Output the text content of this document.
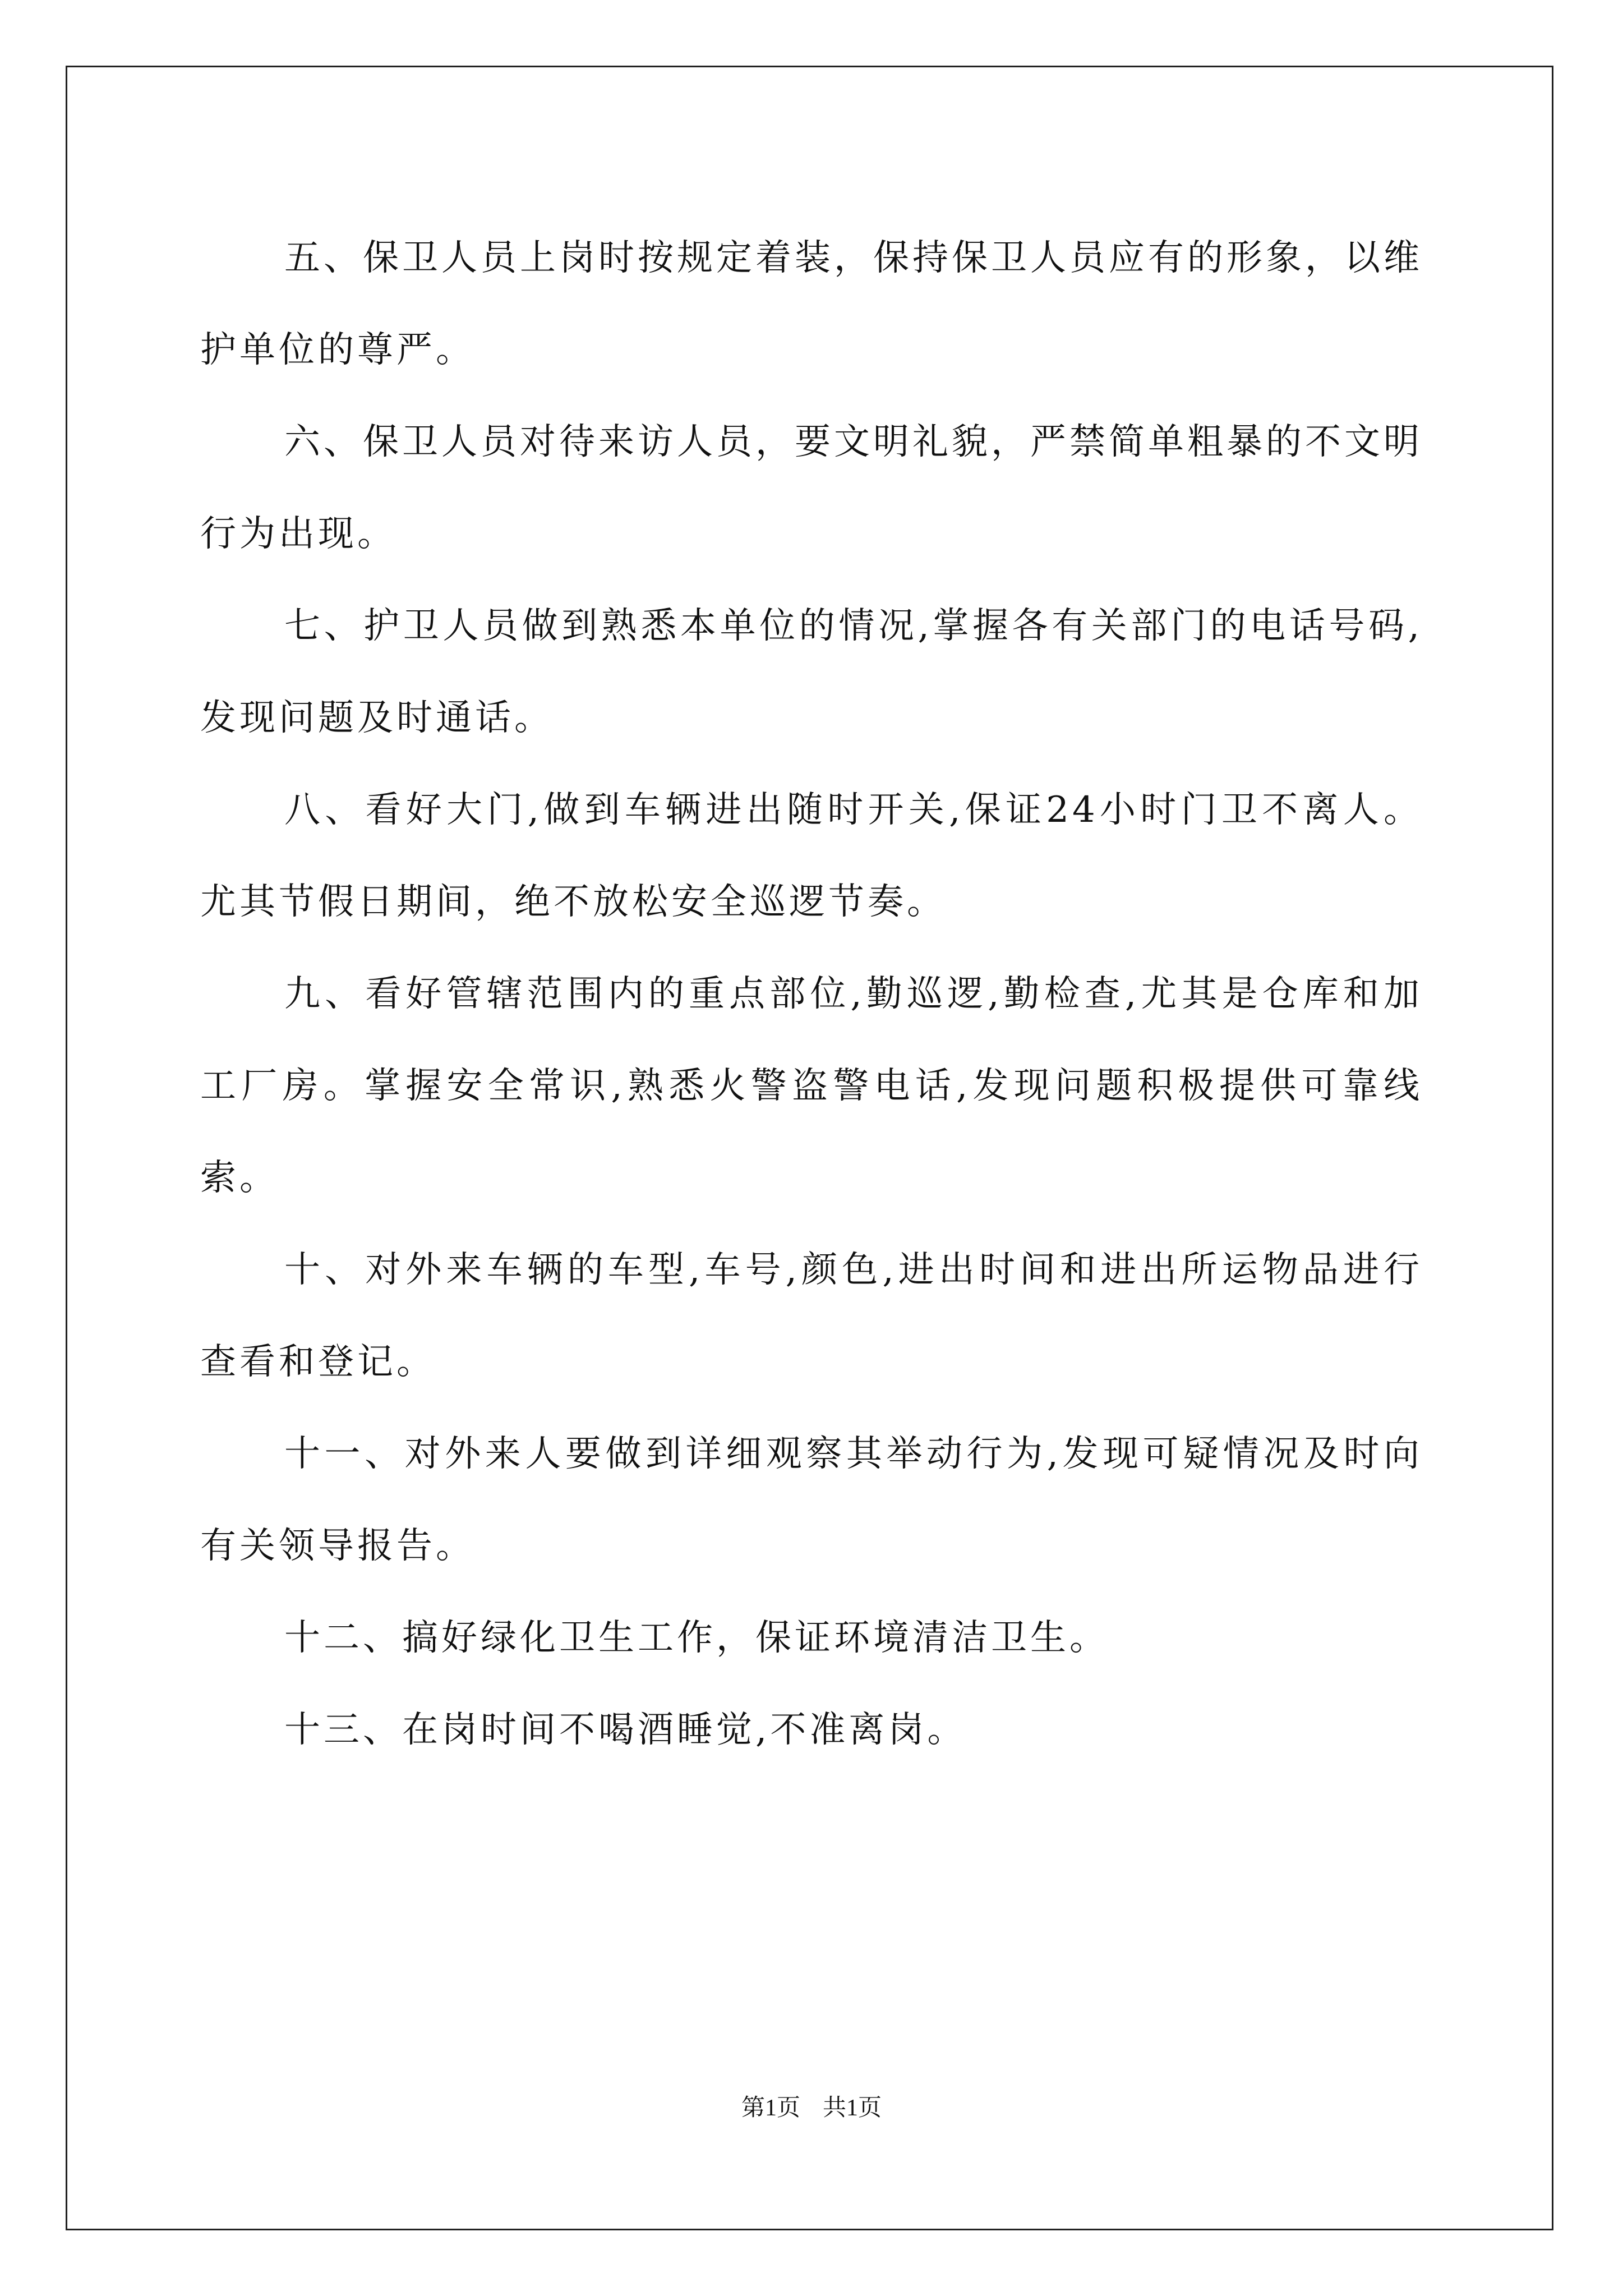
五、保卫人员上岗时按规定着装，保持保卫人员应有的形象，以维护单位的尊严。

六、保卫人员对待来访人员，要文明礼貌，严禁简单粗暴的不文明行为出现。

七、护卫人员做到熟悉本单位的情况,掌握各有关部门的电话号码,发现问题及时通话。

八、看好大门,做到车辆进出随时开关,保证24小时门卫不离人。尤其节假日期间，绝不放松安全巡逻节奏。

九、看好管辖范围内的重点部位,勤巡逻,勤检查,尤其是仓库和加工厂房。掌握安全常识,熟悉火警盗警电话,发现问题积极提供可靠线索。

十、对外来车辆的车型,车号,颜色,进出时间和进出所运物品进行查看和登记。

十一、对外来人要做到详细观察其举动行为,发现可疑情况及时向有关领导报告。

十二、搞好绿化卫生工作，保证环境清洁卫生。

十三、在岗时间不喝酒睡觉,不准离岗。

第1页 共1页
